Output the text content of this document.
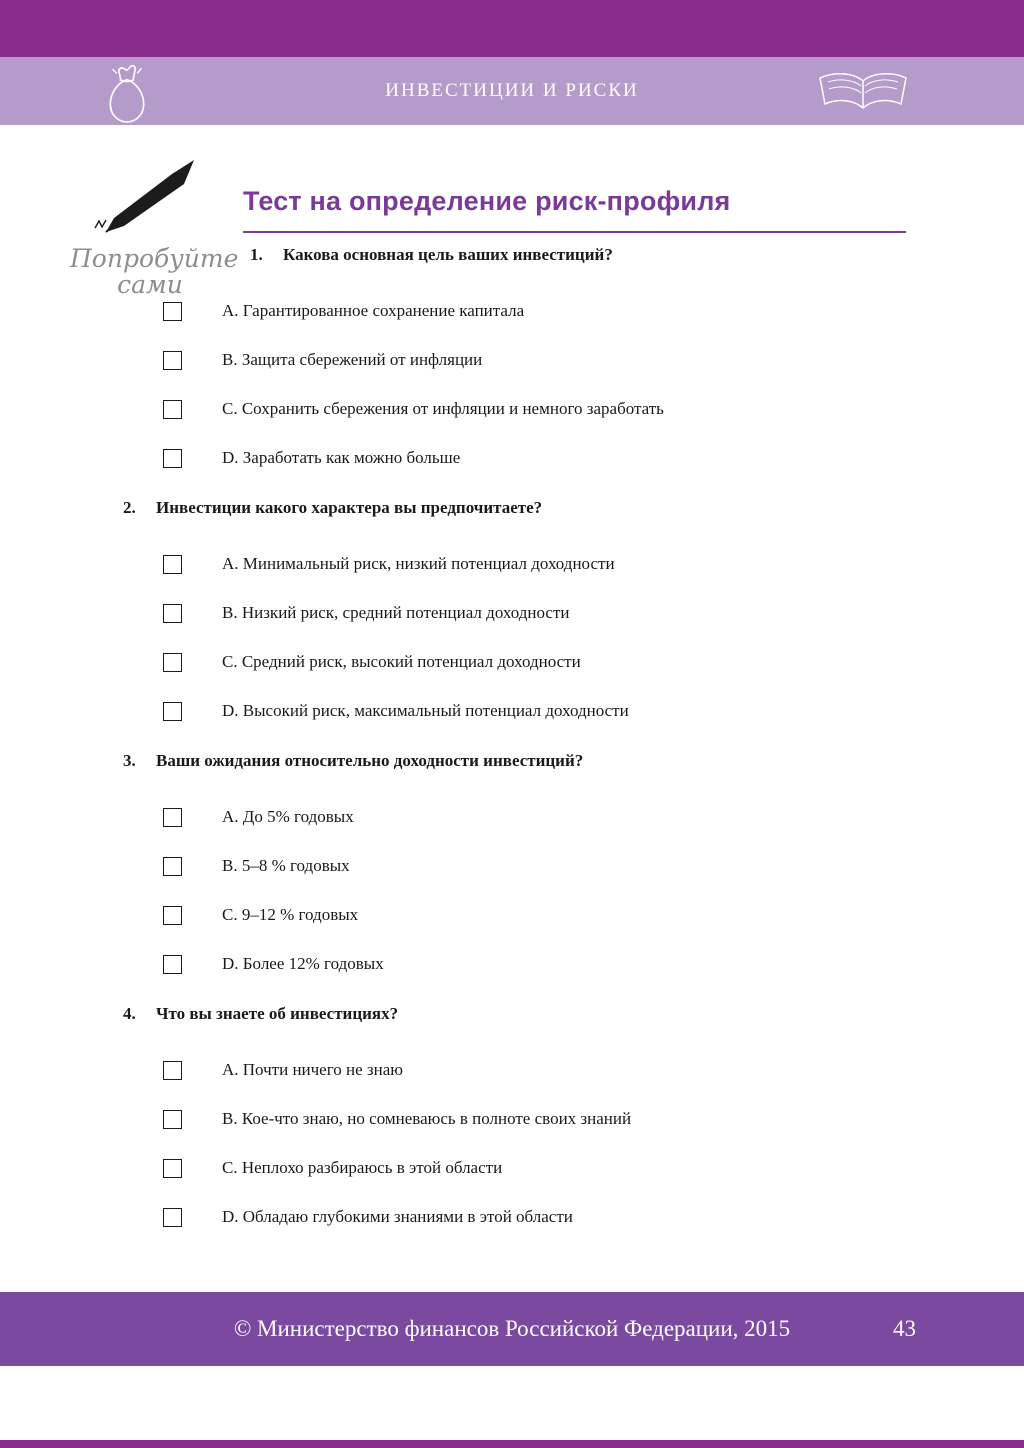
ИНВЕСТИЦИИ И РИСКИ
Попробуйте
сами
Тест на определение риск-профиля
1. Какова основная цель ваших инвестиций?
A. Гарантированное сохранение капитала
B. Защита сбережений от инфляции
C. Сохранить сбережения от инфляции и немного заработать
D. Заработать как можно больше
2. Инвестиции какого характера вы предпочитаете?
A. Минимальный риск, низкий потенциал доходности
B. Низкий риск, средний потенциал доходности
C. Средний риск, высокий потенциал доходности
D. Высокий риск, максимальный потенциал доходности
3. Ваши ожидания относительно доходности инвестиций?
A. До 5% годовых
B. 5–8 % годовых
C. 9–12 % годовых
D. Более 12% годовых
4. Что вы знаете об инвестициях?
A. Почти ничего не знаю
B. Кое-что знаю, но сомневаюсь в полноте своих знаний
C. Неплохо разбираюсь в этой области
D. Обладаю глубокими знаниями в этой области
© Министерство финансов Российской Федерации, 2015	43
